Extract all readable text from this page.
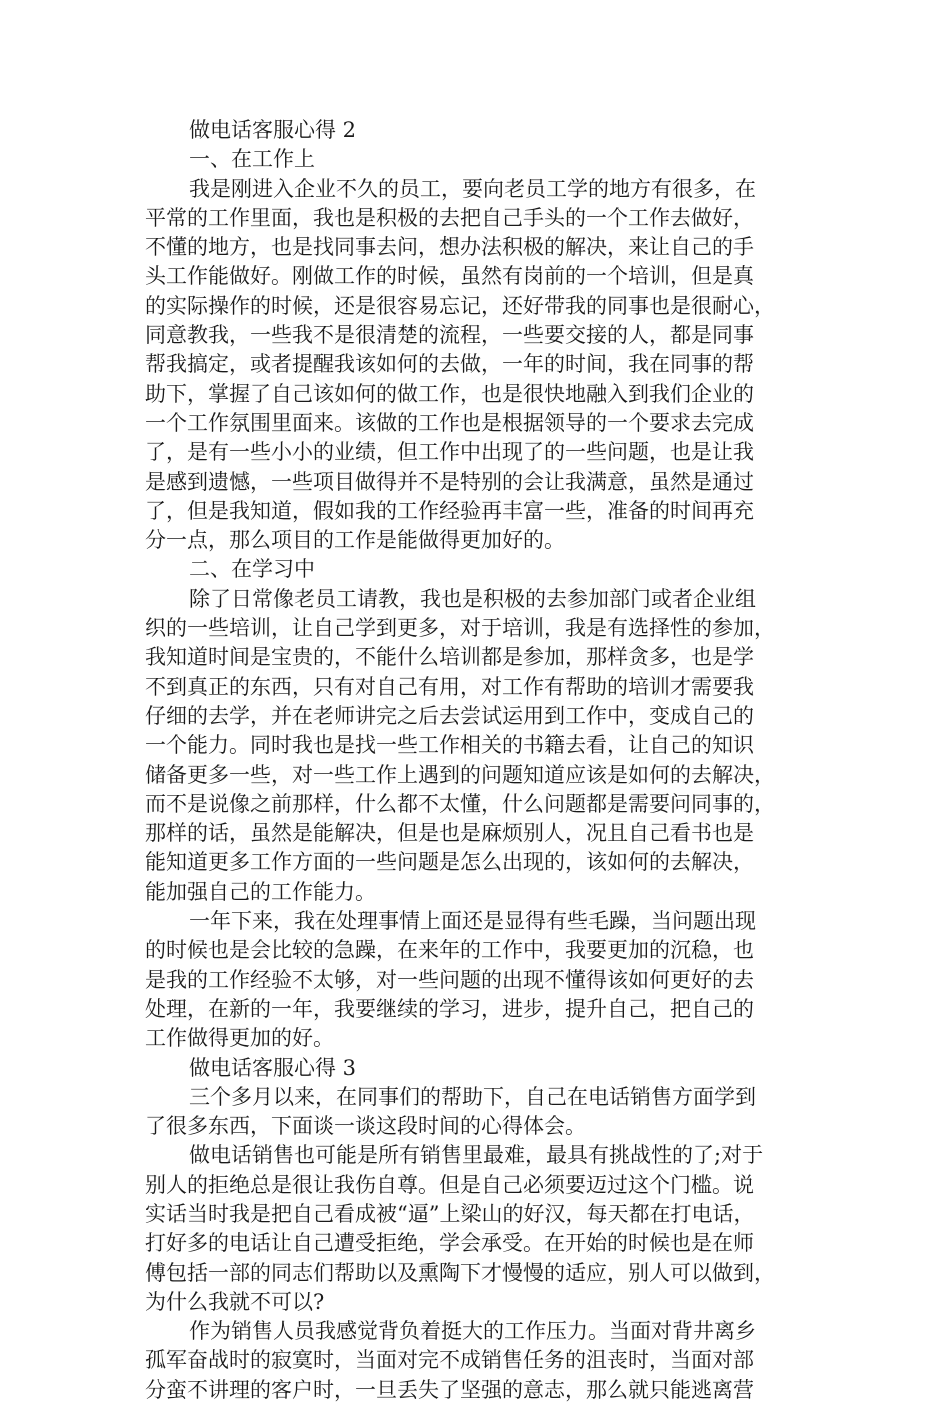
做电话客服心得 2
一、在工作上
我是刚进入企业不久的员工，要向老员工学的地方有很多，在
平常的工作里面，我也是积极的去把自己手头的一个工作去做好，
不懂的地方，也是找同事去问，想办法积极的解决，来让自己的手
头工作能做好。刚做工作的时候，虽然有岗前的一个培训，但是真
的实际操作的时候，还是很容易忘记，还好带我的同事也是很耐心，
同意教我，一些我不是很清楚的流程，一些要交接的人，都是同事
帮我搞定，或者提醒我该如何的去做，一年的时间，我在同事的帮
助下，掌握了自己该如何的做工作，也是很快地融入到我们企业的
一个工作氛围里面来。该做的工作也是根据领导的一个要求去完成
了，是有一些小小的业绩，但工作中出现了的一些问题，也是让我
是感到遗憾，一些项目做得并不是特别的会让我满意，虽然是通过
了，但是我知道，假如我的工作经验再丰富一些，准备的时间再充
分一点，那么项目的工作是能做得更加好的。
二、在学习中
除了日常像老员工请教，我也是积极的去参加部门或者企业组
织的一些培训，让自己学到更多，对于培训，我是有选择性的参加，
我知道时间是宝贵的，不能什么培训都是参加，那样贪多，也是学
不到真正的东西，只有对自己有用，对工作有帮助的培训才需要我
仔细的去学，并在老师讲完之后去尝试运用到工作中，变成自己的
一个能力。同时我也是找一些工作相关的书籍去看，让自己的知识
储备更多一些，对一些工作上遇到的问题知道应该是如何的去解决，
而不是说像之前那样，什么都不太懂，什么问题都是需要问同事的，
那样的话，虽然是能解决，但是也是麻烦别人，况且自己看书也是
能知道更多工作方面的一些问题是怎么出现的，该如何的去解决，
能加强自己的工作能力。
一年下来，我在处理事情上面还是显得有些毛躁，当问题出现
的时候也是会比较的急躁，在来年的工作中，我要更加的沉稳，也
是我的工作经验不太够，对一些问题的出现不懂得该如何更好的去
处理，在新的一年，我要继续的学习，进步，提升自己，把自己的
工作做得更加的好。
做电话客服心得 3
三个多月以来，在同事们的帮助下，自己在电话销售方面学到
了很多东西，下面谈一谈这段时间的心得体会。
做电话销售也可能是所有销售里最难，最具有挑战性的了;对于
别人的拒绝总是很让我伤自尊。但是自己必须要迈过这个门槛。说
实话当时我是把自己看成被“逼”上梁山的好汉，每天都在打电话，
打好多的电话让自己遭受拒绝，学会承受。在开始的时候也是在师
傅包括一部的同志们帮助以及熏陶下才慢慢的适应，别人可以做到，
为什么我就不可以?
作为销售人员我感觉背负着挺大的工作压力。当面对背井离乡
孤军奋战时的寂寞时，当面对完不成销售任务的沮丧时，当面对部
分蛮不讲理的客户时，一旦丢失了坚强的意志，那么就只能逃离营
